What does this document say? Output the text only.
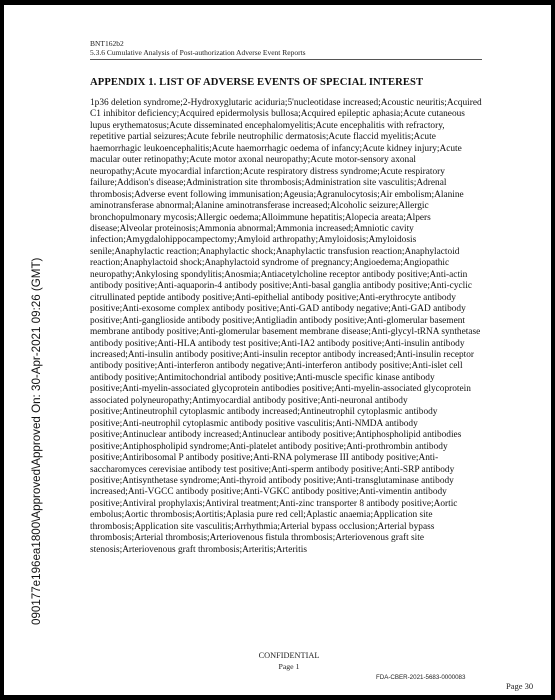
BNT162b2
5.3.6 Cumulative Analysis of Post-authorization Adverse Event Reports
090177e196ea1800\Approved\Approved On: 30-Apr-2021 09:26 (GMT)
APPENDIX 1. LIST OF ADVERSE EVENTS OF SPECIAL INTEREST
1p36 deletion syndrome;2-Hydroxyglutaric aciduria;5'nucleotidase increased;Acoustic neuritis;Acquired C1 inhibitor deficiency;Acquired epidermolysis bullosa;Acquired epileptic aphasia;Acute cutaneous lupus erythematosus;Acute disseminated encephalomyelitis;Acute encephalitis with refractory, repetitive partial seizures;Acute febrile neutrophilic dermatosis;Acute flaccid myelitis;Acute haemorrhagic leukoencephalitis;Acute haemorrhagic oedema of infancy;Acute kidney injury;Acute macular outer retinopathy;Acute motor axonal neuropathy;Acute motor-sensory axonal neuropathy;Acute myocardial infarction;Acute respiratory distress syndrome;Acute respiratory failure;Addison's disease;Administration site thrombosis;Administration site vasculitis;Adrenal thrombosis;Adverse event following immunisation;Ageusia;Agranulocytosis;Air embolism;Alanine aminotransferase abnormal;Alanine aminotransferase increased;Alcoholic seizure;Allergic bronchopulmonary mycosis;Allergic oedema;Alloimmune hepatitis;Alopecia areata;Alpers disease;Alveolar proteinosis;Ammonia abnormal;Ammonia increased;Amniotic cavity infection;Amygdalohippocampectomy;Amyloid arthropathy;Amyloidosis;Amyloidosis senile;Anaphylactic reaction;Anaphylactic shock;Anaphylactic transfusion reaction;Anaphylactoid reaction;Anaphylactoid shock;Anaphylactoid syndrome of pregnancy;Angioedema;Angiopathic neuropathy;Ankylosing spondylitis;Anosmia;Antiacetylcholine receptor antibody positive;Anti-actin antibody positive;Anti-aquaporin-4 antibody positive;Anti-basal ganglia antibody positive;Anti-cyclic citrullinated peptide antibody positive;Anti-epithelial antibody positive;Anti-erythrocyte antibody positive;Anti-exosome complex antibody positive;Anti-GAD antibody negative;Anti-GAD antibody positive;Anti-ganglioside antibody positive;Antigliadin antibody positive;Anti-glomerular basement membrane antibody positive;Anti-glomerular basement membrane disease;Anti-glycyl-tRNA synthetase antibody positive;Anti-HLA antibody test positive;Anti-IA2 antibody positive;Anti-insulin antibody increased;Anti-insulin antibody positive;Anti-insulin receptor antibody increased;Anti-insulin receptor antibody positive;Anti-interferon antibody negative;Anti-interferon antibody positive;Anti-islet cell antibody positive;Antimitochondrial antibody positive;Anti-muscle specific kinase antibody positive;Anti-myelin-associated glycoprotein antibodies positive;Anti-myelin-associated glycoprotein associated polyneuropathy;Antimyocardial antibody positive;Anti-neuronal antibody positive;Antineutrophil cytoplasmic antibody increased;Antineutrophil cytoplasmic antibody positive;Anti-neutrophil cytoplasmic antibody positive vasculitis;Anti-NMDA antibody positive;Antinuclear antibody increased;Antinuclear antibody positive;Antiphospholipid antibodies positive;Antiphospholipid syndrome;Anti-platelet antibody positive;Anti-prothrombin antibody positive;Antiribosomal P antibody positive;Anti-RNA polymerase III antibody positive;Anti-saccharomyces cerevisiae antibody test positive;Anti-sperm antibody positive;Anti-SRP antibody positive;Antisynthetase syndrome;Anti-thyroid antibody positive;Anti-transglutaminase antibody increased;Anti-VGCC antibody positive;Anti-VGKC antibody positive;Anti-vimentin antibody positive;Antiviral prophylaxis;Antiviral treatment;Anti-zinc transporter 8 antibody positive;Aortic embolus;Aortic thrombosis;Aortitis;Aplasia pure red cell;Aplastic anaemia;Application site thrombosis;Application site vasculitis;Arrhythmia;Arterial bypass occlusion;Arterial bypass thrombosis;Arterial thrombosis;Arteriovenous fistula thrombosis;Arteriovenous graft site stenosis;Arteriovenous graft thrombosis;Arteritis;Arteritis
CONFIDENTIAL
Page 1
FDA-CBER-2021-5683-0000083
Page 30
